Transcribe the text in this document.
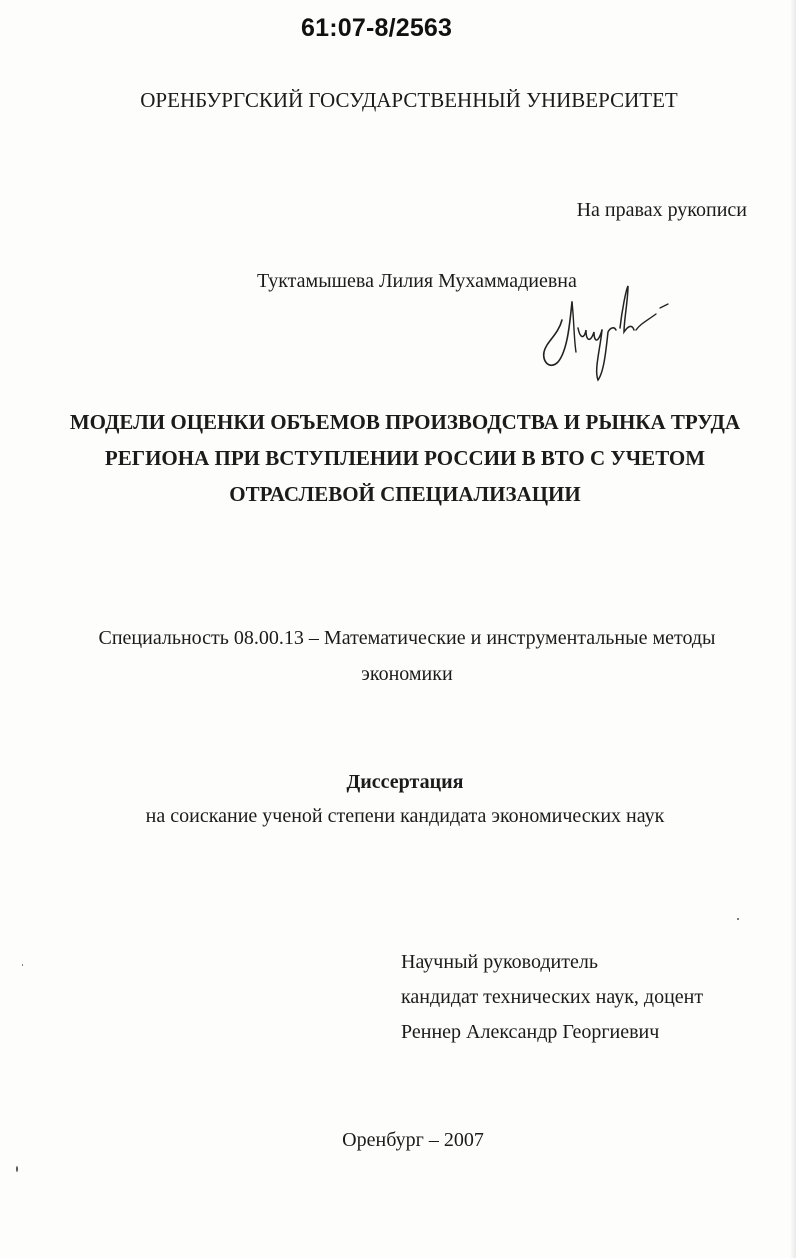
61:07-8/2563
ОРЕНБУРГСКИЙ ГОСУДАРСТВЕННЫЙ УНИВЕРСИТЕТ
На правах рукописи
Туктамышева Лилия Мухаммадиевна
МОДЕЛИ ОЦЕНКИ ОБЪЕМОВ ПРОИЗВОДСТВА И РЫНКА ТРУДА
РЕГИОНА ПРИ ВСТУПЛЕНИИ РОССИИ В ВТО С УЧЕТОМ
ОТРАСЛЕВОЙ СПЕЦИАЛИЗАЦИИ
Специальность 08.00.13 – Математические и инструментальные методы
экономики
Диссертация
на соискание ученой степени кандидата экономических наук
Научный руководитель
кандидат технических наук, доцент
Реннер Александр Георгиевич
Оренбург – 2007
